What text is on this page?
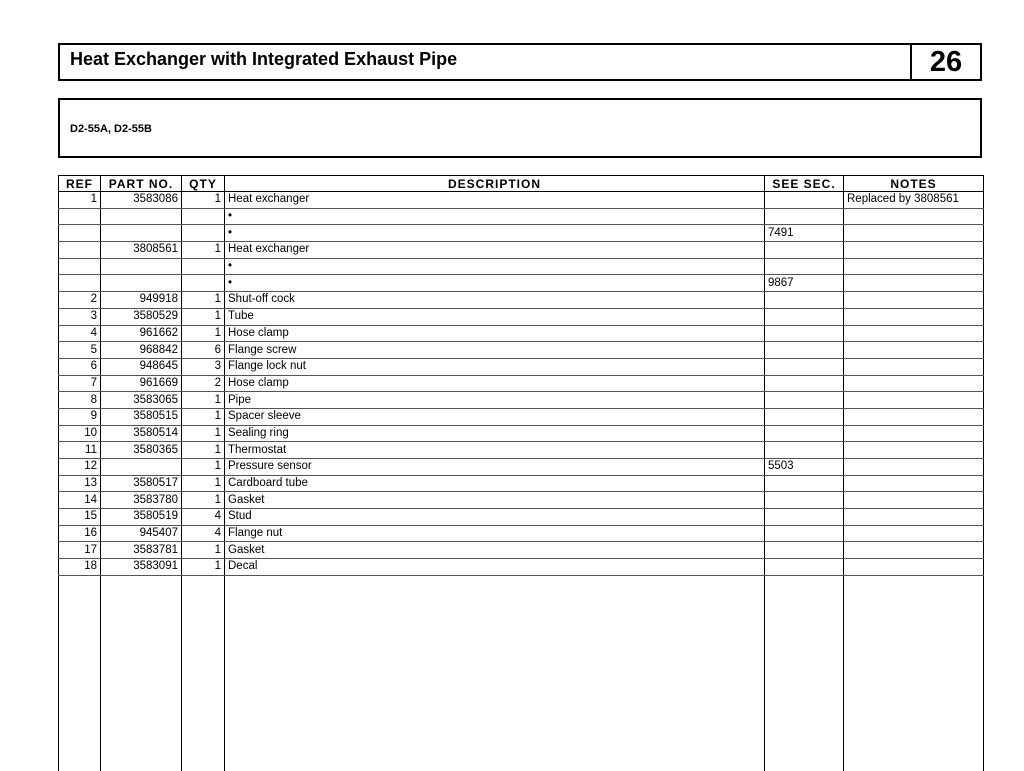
Heat Exchanger with Integrated Exhaust Pipe	26
D2-55A, D2-55B
REF	PART NO.	QTY	DESCRIPTION	SEE SEC.	NOTES
1	3583086	1	Heat exchanger		Replaced by 3808561
			•		
			•	7491	
	3808561	1	Heat exchanger		
			•		
			•	9867	
2	949918	1	Shut-off cock		
3	3580529	1	Tube		
4	961662	1	Hose clamp		
5	968842	6	Flange screw		
6	948645	3	Flange lock nut		
7	961669	2	Hose clamp		
8	3583065	1	Pipe		
9	3580515	1	Spacer sleeve		
10	3580514	1	Sealing ring		
11	3580365	1	Thermostat		
12		1	Pressure sensor	5503	
13	3580517	1	Cardboard tube		
14	3583780	1	Gasket		
15	3580519	4	Stud		
16	945407	4	Flange nut		
17	3583781	1	Gasket		
18	3583091	1	Decal		
